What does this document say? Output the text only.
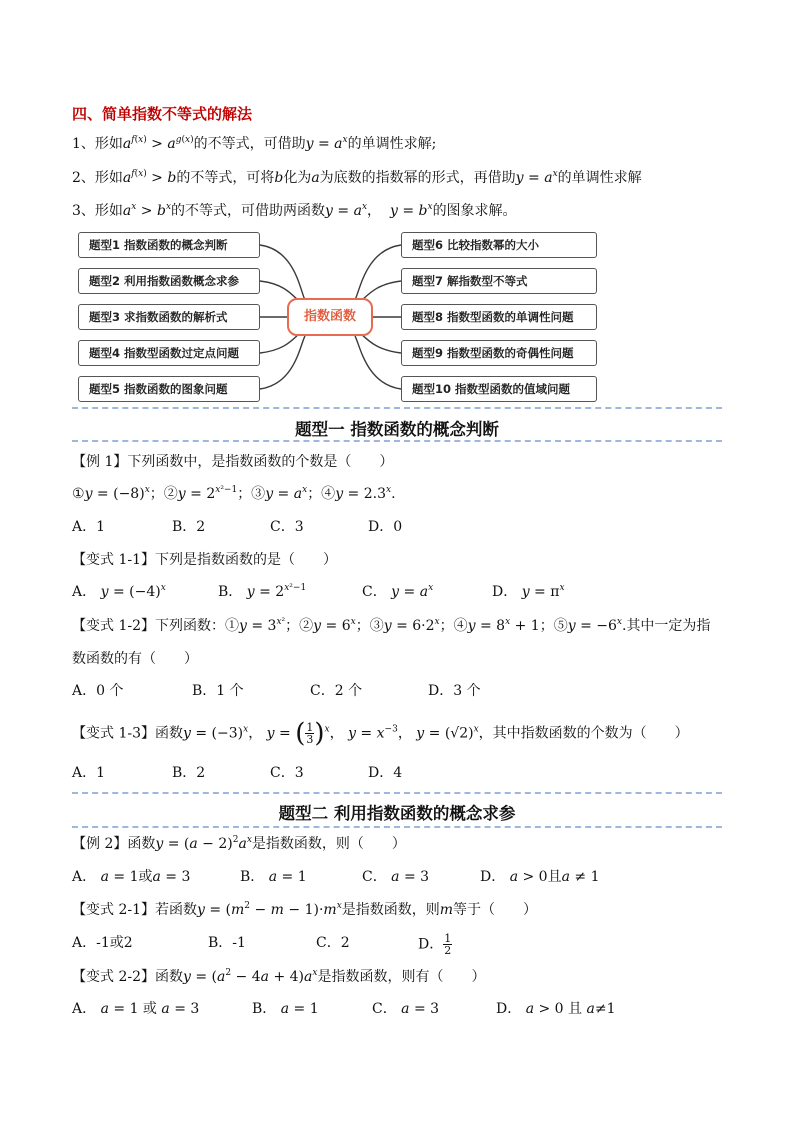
四、简单指数不等式的解法
1、形如$a^{f(x)} > a^{g(x)}$的不等式，可借助$y = a^x$的单调性求解;
2、形如$a^{f(x)} > b$的不等式，可将b化为a为底数的指数幂的形式，再借助$y = a^x$的单调性求解
3、形如$a^x > b^x$的不等式，可借助两函数$y = a^x$， $y = b^x$的图象求解。
题型1 指数函数的概念判断
题型2 利用指数函数概念求参
题型3 求指数函数的解析式
题型4 指数型函数过定点问题
题型5 指数函数的图象问题
指数函数
题型6 比较指数幂的大小
题型7 解指数型不等式
题型8 指数型函数的单调性问题
题型9 指数型函数的奇偶性问题
题型10 指数型函数的值域问题
题型一 指数函数的概念判断
【例 1】下列函数中，是指数函数的个数是（　　）
①y = $(-8)^x$；②y = $2^{x^2-1}$；③y = $a^x$；④y = $2.3^x$.
A．1	B．2	C．3	D．0
【变式 1-1】下列是指数函数的是（　　）
A． $y = (-4)^x$	B． $y = 2^{x^2-1}$	C． $y = a^x$	D． $y = \pi^x$
【变式 1-2】下列函数：①y = $3^{x^2}$；②y = $6^x$；③y = $6\cdot 2^x$；④y = $8^x + 1$；⑤y = $-6^x$.其中一定为指
数函数的有（　　）
A．0 个	B．1 个	C．2 个	D．3 个
【变式 1-3】函数$y = (-3)^x$， y = ( $\frac{1}{3} )^x$， $y = x^{-3}$， $y = (√2)^x$，其中指数函数的个数为（　　）
A．1	B．2	C．3	D．4
题型二 利用指数函数的概念求参
【例 2】函数$y = (a - 2)^2a^x$是指数函数，则（　　）
A． a = 1或a = 3	B． a = 1	C． a = 3	D． a > 0且a ≠ 1
【变式 2-1】若函数$y = (m^2 - m - 1)\cdot m^x$是指数函数，则m等于（　　）
A．-1或2	B．-1	C．2	D． $\frac{1}{2}$
【变式 2-2】函数$y = (a^2 - 4a + 4)a^x$是指数函数，则有（　　）
A． a = 1 或 a = 3	B． a = 1	C． a = 3	D． a > 0 且 a≠1
